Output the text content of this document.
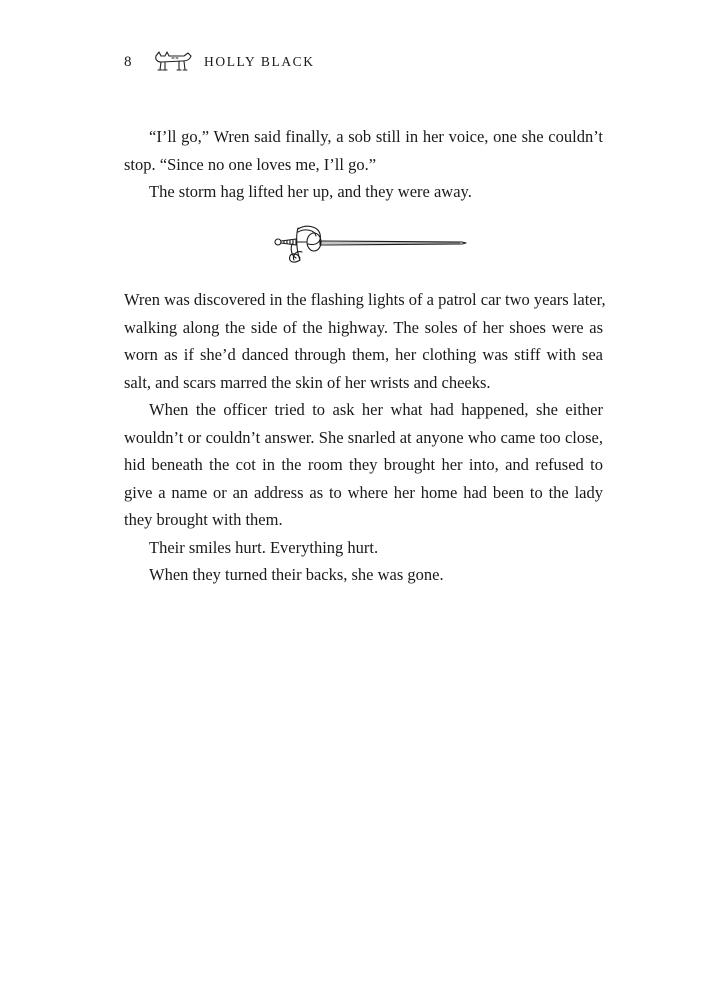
8	HOLLY BLACK

“I’ll go,” Wren said finally, a sob still in her voice, one she couldn’t
stop. “Since no one loves me, I’ll go.”

The storm hag lifted her up, and they were away.

Wren was discovered in the flashing lights of a patrol car two years later,
walking along the side of the highway. The soles of her shoes were as
worn as if she’d danced through them, her clothing was stiff with sea
salt, and scars marred the skin of her wrists and cheeks.

When the officer tried to ask her what had happened, she either
wouldn’t or couldn’t answer. She snarled at anyone who came too close,
hid beneath the cot in the room they brought her into, and refused to
give a name or an address as to where her home had been to the lady
they brought with them.

Their smiles hurt. Everything hurt.

When they turned their backs, she was gone.
